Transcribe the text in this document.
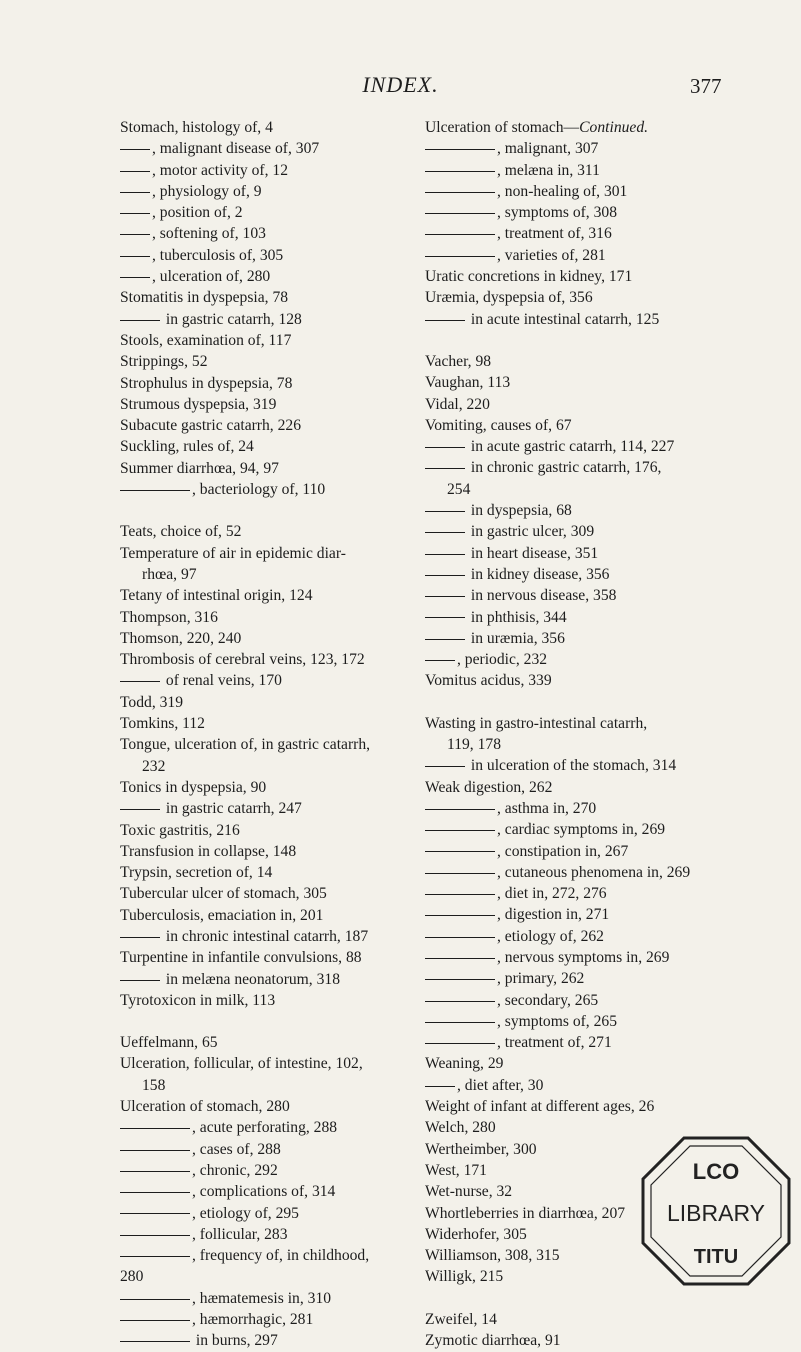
INDEX.	377
Stomach, histology of, 4
, malignant disease of, 307
, motor activity of, 12
, physiology of, 9
, position of, 2
, softening of, 103
, tuberculosis of, 305
, ulceration of, 280
Stomatitis in dyspepsia, 78
in gastric catarrh, 128
Stools, examination of, 117
Strippings, 52
Strophulus in dyspepsia, 78
Strumous dyspepsia, 319
Subacute gastric catarrh, 226
Suckling, rules of, 24
Summer diarrhœa, 94, 97
, bacteriology of, 110
Teats, choice of, 52
Temperature of air in epidemic diar-
rhœa, 97
Tetany of intestinal origin, 124
Thompson, 316
Thomson, 220, 240
Thrombosis of cerebral veins, 123, 172
of renal veins, 170
Todd, 319
Tomkins, 112
Tongue, ulceration of, in gastric catarrh,
232
Tonics in dyspepsia, 90
in gastric catarrh, 247
Toxic gastritis, 216
Transfusion in collapse, 148
Trypsin, secretion of, 14
Tubercular ulcer of stomach, 305
Tuberculosis, emaciation in, 201
in chronic intestinal catarrh, 187
Turpentine in infantile convulsions, 88
in melæna neonatorum, 318
Tyrotoxicon in milk, 113
Ueffelmann, 65
Ulceration, follicular, of intestine, 102,
158
Ulceration of stomach, 280
, acute perforating, 288
, cases of, 288
, chronic, 292
, complications of, 314
, etiology of, 295
, follicular, 283
, frequency of, in childhood,
280
, hæmatemesis in, 310
, hæmorrhagic, 281
in burns, 297
Ulceration of stomach—Continued.
, malignant, 307
, melæna in, 311
, non-healing of, 301
, symptoms of, 308
, treatment of, 316
, varieties of, 281
Uratic concretions in kidney, 171
Uræmia, dyspepsia of, 356
in acute intestinal catarrh, 125
Vacher, 98
Vaughan, 113
Vidal, 220
Vomiting, causes of, 67
in acute gastric catarrh, 114, 227
in chronic gastric catarrh, 176,
254
in dyspepsia, 68
in gastric ulcer, 309
in heart disease, 351
in kidney disease, 356
in nervous disease, 358
in phthisis, 344
in uræmia, 356
, periodic, 232
Vomitus acidus, 339
Wasting in gastro-intestinal catarrh,
119, 178
in ulceration of the stomach, 314
Weak digestion, 262
, asthma in, 270
, cardiac symptoms in, 269
, constipation in, 267
, cutaneous phenomena in, 269
, diet in, 272, 276
, digestion in, 271
, etiology of, 262
, nervous symptoms in, 269
, primary, 262
, secondary, 265
, symptoms of, 265
, treatment of, 271
Weaning, 29
, diet after, 30
Weight of infant at different ages, 26
Welch, 280
Wertheimber, 300
West, 171
Wet-nurse, 32
Whortleberries in diarrhœa, 207
Widerhofer, 305
Williamson, 308, 315
Willigk, 215
Zweifel, 14
Zymotic diarrhœa, 91
LCO
LIBRARY
TITU
